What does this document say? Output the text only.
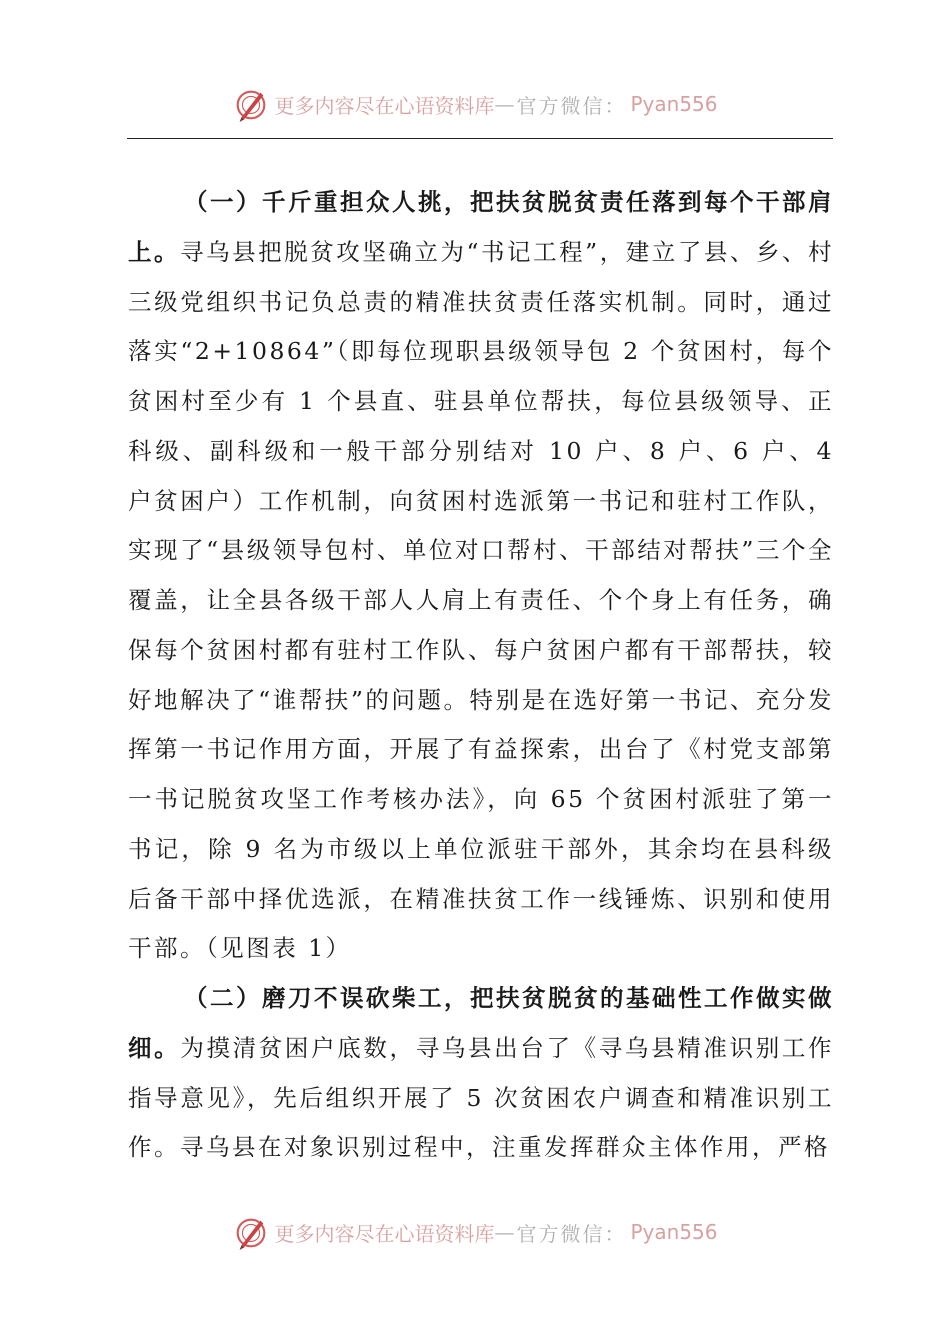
更多内容尽在心语资料库 — 官方微信： Pyan556

（一）千斤重担众人挑，把扶贫脱贫责任落到每个干部肩上。寻乌县把脱贫攻坚确立为“书记工程”，建立了县、乡、村三级党组织书记负总责的精准扶贫责任落实机制。同时，通过落实“2+10864”（即每位现职县级领导包 2 个贫困村，每个贫困村至少有 1 个县直、驻县单位帮扶，每位县级领导、正科级、副科级和一般干部分别结对 10 户、8 户、6 户、4 户贫困户）工作机制，向贫困村选派第一书记和驻村工作队，实现了“县级领导包村、单位对口帮村、干部结对帮扶”三个全覆盖，让全县各级干部人人肩上有责任、个个身上有任务，确保每个贫困村都有驻村工作队、每户贫困户都有干部帮扶，较好地解决了“谁帮扶”的问题。特别是在选好第一书记、充分发挥第一书记作用方面，开展了有益探索，出台了《村党支部第一书记脱贫攻坚工作考核办法》，向 65 个贫困村派驻了第一书记，除 9 名为市级以上单位派驻干部外，其余均在县科级后备干部中择优选派，在精准扶贫工作一线锤炼、识别和使用干部。（见图表 1）

（二）磨刀不误砍柴工，把扶贫脱贫的基础性工作做实做细。为摸清贫困户底数，寻乌县出台了《寻乌县精准识别工作指导意见》，先后组织开展了 5 次贫困农户调查和精准识别工作。寻乌县在对象识别过程中，注重发挥群众主体作用，严格

更多内容尽在心语资料库 — 官方微信： Pyan556
